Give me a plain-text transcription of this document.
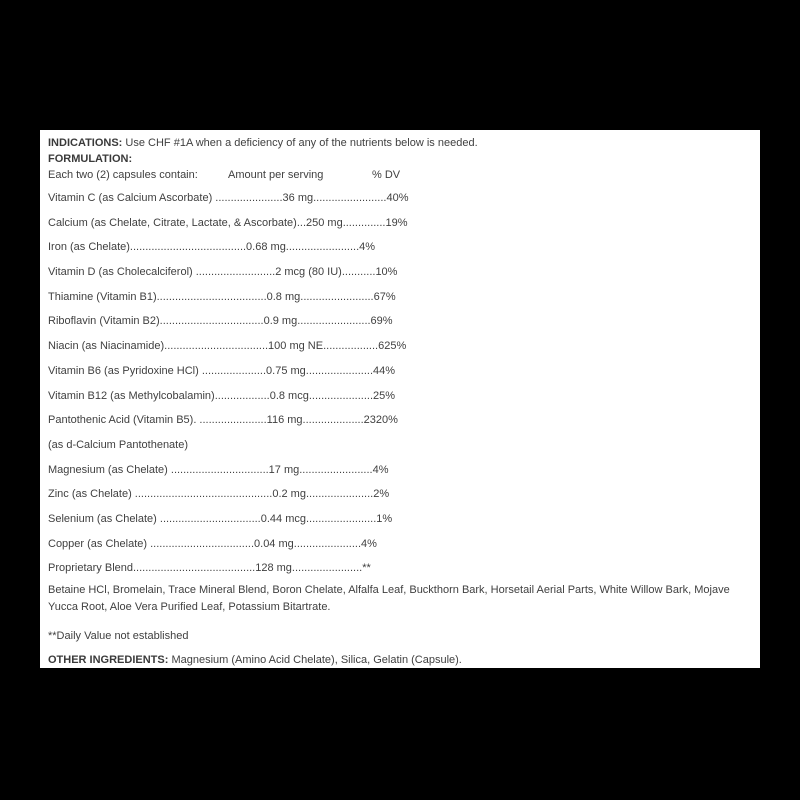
INDICATIONS: Use CHF #1A when a deficiency of any of the nutrients below is needed.

FORMULATION:

Each two (2) capsules contain:	Amount per serving	% DV

Vitamin C (as Calcium Ascorbate) ......................36 mg........................40%

Calcium (as Chelate, Citrate, Lactate, & Ascorbate)...250 mg..............19%

Iron (as Chelate)......................................0.68 mg........................4%

Vitamin D (as Cholecalciferol) ..........................2 mcg (80 IU)...........10%

Thiamine (Vitamin B1)....................................0.8 mg........................67%

Riboflavin (Vitamin B2)..................................0.9 mg........................69%

Niacin (as Niacinamide)..................................100 mg NE..................625%

Vitamin B6 (as Pyridoxine HCl) .....................0.75 mg......................44%

Vitamin B12 (as Methylcobalamin)..................0.8 mcg.....................25%

Pantothenic Acid (Vitamin B5). ......................116 mg....................2320%

(as d-Calcium Pantothenate)

Magnesium (as Chelate) ................................17 mg........................4%

Zinc (as Chelate) .............................................0.2 mg......................2%

Selenium (as Chelate) .................................0.44 mcg.......................1%

Copper (as Chelate) ..................................0.04 mg......................4%

Proprietary Blend........................................128 mg.......................**

Betaine HCl, Bromelain, Trace Mineral Blend, Boron Chelate, Alfalfa Leaf, Buckthorn Bark, Horsetail Aerial Parts, White Willow Bark, Mojave Yucca Root, Aloe Vera Purified Leaf, Potassium Bitartrate.

**Daily Value not established

OTHER INGREDIENTS: Magnesium (Amino Acid Chelate), Silica, Gelatin (Capsule).
